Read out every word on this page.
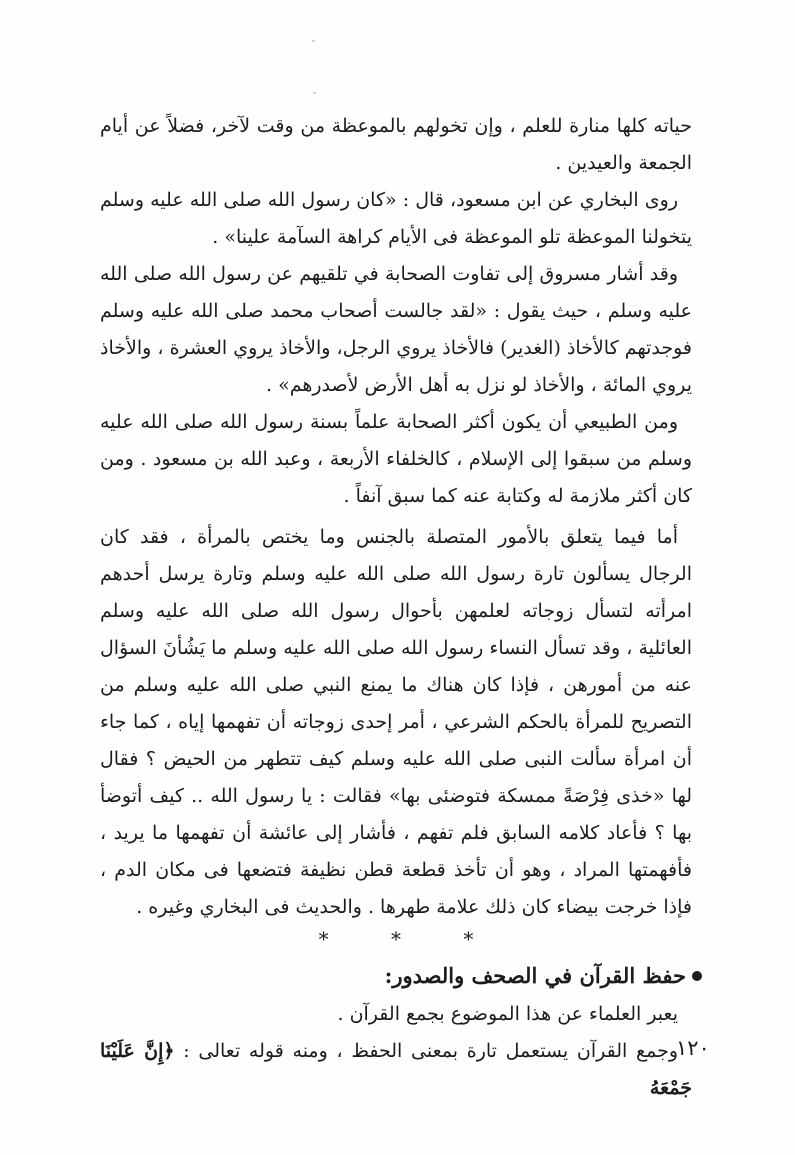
حياته كلها منارة للعلم ، وإن تخولهم بالموعظة من وقت لآخر، فضلاً عن أيام الجمعة والعيدين .

روى البخاري عن ابن مسعود، قال : «كان رسول الله صلى الله عليه وسلم يتخولنا الموعظة تلو الموعظة فى الأيام كراهة السآمة علينا» .

وقد أشار مسروق إلى تفاوت الصحابة في تلقيهم عن رسول الله صلى الله عليه وسلم ، حيث يقول : «لقد جالست أصحاب محمد صلى الله عليه وسلم فوجدتهم كالأخاذ (الغدير) فالأخاذ يروي الرجل، والأخاذ يروي العشرة ، والأخاذ يروي المائة ، والأخاذ لو نزل به أهل الأرض لأصدرهم» .

ومن الطبيعي أن يكون أكثر الصحابة علماً بسنة رسول الله صلى الله عليه وسلم من سبقوا إلى الإسلام ، كالخلفاء الأربعة ، وعبد الله بن مسعود . ومن كان أكثر ملازمة له وكتابة عنه كما سبق آنفاً .

أما فيما يتعلق بالأمور المتصلة بالجنس وما يختص بالمرأة ، فقد كان الرجال يسألون تارة رسول الله صلى الله عليه وسلم وتارة يرسل أحدهم امرأته لتسأل زوجاته لعلمهن بأحوال رسول الله صلى الله عليه وسلم العائلية ، وقد تسأل النساء رسول الله صلى الله عليه وسلم ما يَشُأنَ السؤال عنه من أمورهن ، فإذا كان هناك ما يمنع النبي صلى الله عليه وسلم من التصريح للمرأة بالحكم الشرعي ، أمر إحدى زوجاته أن تفهمها إياه ، كما جاء أن امرأة سألت النبى صلى الله عليه وسلم كيف تتطهر من الحيض ؟ فقال لها «خذى فِرْصَةً ممسكة فتوضئى بها» فقالت : يا رسول الله .. كيف أتوضأ بها ؟ فأعاد كلامه السابق فلم تفهم ، فأشار إلى عائشة أن تفهمها ما يريد ، فأفهمتها المراد ، وهو أن تأخذ قطعة قطن نظيفة فتضعها فى مكان الدم ، فإذا خرجت بيضاء كان ذلك علامة طهرها . والحديث فى البخاري وغيره .

* * *
حفظ القرآن في الصحف والصدور:

يعبر العلماء عن هذا الموضوع بجمع القرآن .

وجمع القرآن يستعمل تارة بمعنى الحفظ ، ومنه قوله تعالى : ﴿إِنَّ عَلَيْنَا جَمْعَهُ

١٢٠
